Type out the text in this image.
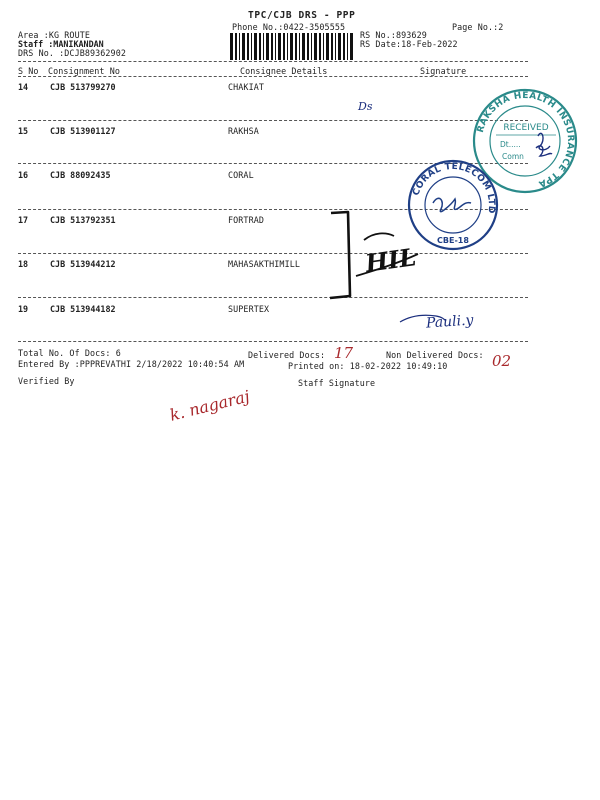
TPC/CJB DRS - PPP
Phone No.:0422-3505555	Page No.:2
Area :KG ROUTE
Staff :MANIKANDAN
DRS No. :DCJB89362902
RS No.:893629
RS Date:18-Feb-2022
S No Consignment No	Consignee Details	Signature
14	CJB 513799270	CHAKIAT
15	CJB 513901127	RAKHSA
16	CJB 88092435	CORAL
17	CJB 513792351	FORTRAD
18	CJB 513944212	MAHASAKTHIMILL
19	CJB 513944182	SUPERTEX
Total No. Of Docs: 6	Delivered Docs: 17	Non Delivered Docs: 02
Entered By :PPPREVATHI 2/18/2022 10:40:54 AM	Printed on: 18-02-2022 10:49:10
Verified By	Staff Signature
RAKSHA HEALTH INSURANCE TPA
RECEIVED
Dt.....
Comn
Ds
CORAL TELECOM LTD
CBE-18
HIL
Pauli.y
k. nagaraj
